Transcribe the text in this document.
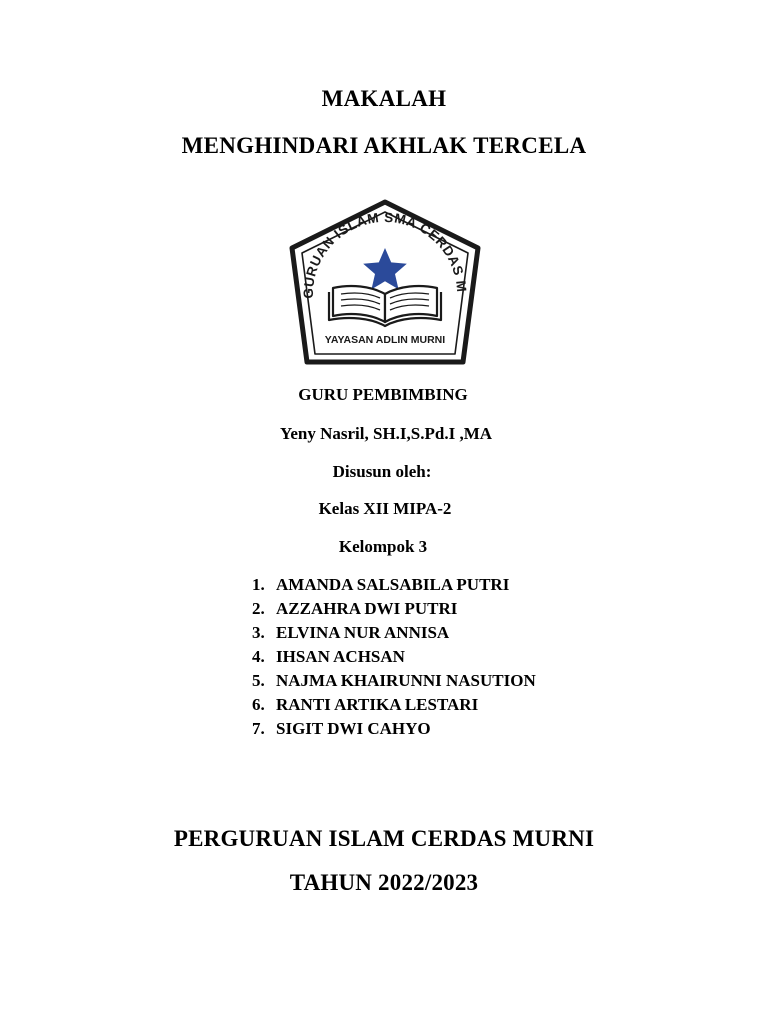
MAKALAH
MENGHINDARI AKHLAK TERCELA
GURUAN ISLAM SMA CERDAS M
YAYASAN ADLIN MURNI
GURU PEMBIMBING
Yeny Nasril, SH.I,S.Pd.I ,MA
Disusun oleh:
Kelas XII MIPA-2
Kelompok 3
1. AMANDA SALSABILA PUTRI
2. AZZAHRA DWI PUTRI
3. ELVINA NUR ANNISA
4. IHSAN ACHSAN
5. NAJMA KHAIRUNNI NASUTION
6. RANTI ARTIKA LESTARI
7. SIGIT DWI CAHYO
PERGURUAN ISLAM CERDAS MURNI
TAHUN 2022/2023
